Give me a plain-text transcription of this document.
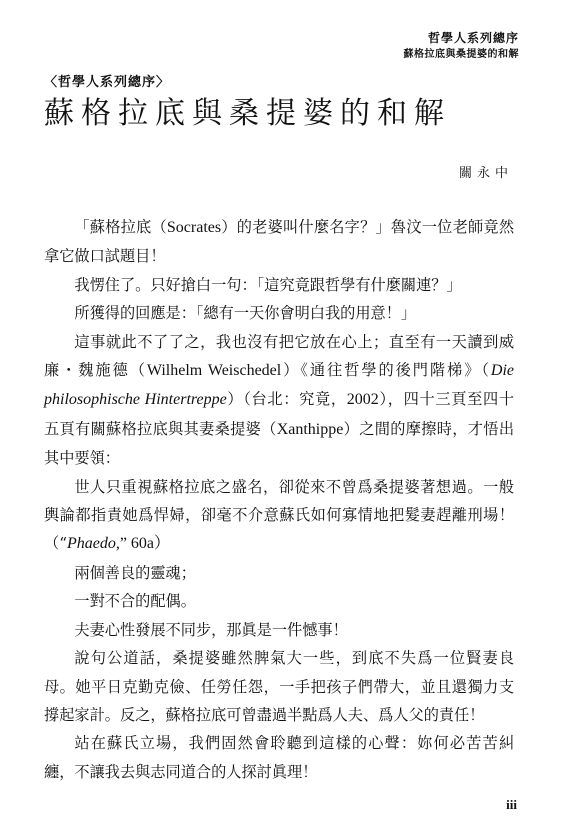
哲學人系列總序
蘇格拉底與桑提婆的和解
〈哲學人系列總序〉
蘇格拉底與桑提婆的和解
關永中

「蘇格拉底（Socrates）的老婆叫什麼名字？」魯汶一位老師竟然拿它做口試題目！

我愣住了。只好搶白一句：「這究竟跟哲學有什麼關連？」

所獲得的回應是：「總有一天你會明白我的用意！」

這事就此不了了之，我也沒有把它放在心上；直至有一天讀到威廉・魏施德（Wilhelm Weischedel）《通往哲學的後門階梯》（Die philosophische Hintertreppe）（台北：究竟，2002），四十三頁至四十五頁有關蘇格拉底與其妻桑提婆（Xanthippe）之間的摩擦時，才悟出其中要領：

世人只重視蘇格拉底之盛名，卻從來不曾爲桑提婆著想過。一般輿論都指責她爲悍婦，卻毫不介意蘇氏如何寡情地把髮妻趕離刑場！（“Phaedo,” 60a）

兩個善良的靈魂；

一對不合的配偶。

夫妻心性發展不同步，那眞是一件憾事！

說句公道話，桑提婆雖然脾氣大一些，到底不失爲一位賢妻良母。她平日克勤克儉、任勞任怨，一手把孩子們帶大，並且還獨力支撐起家計。反之，蘇格拉底可曾盡過半點爲人夫、爲人父的責任！

站在蘇氏立場，我們固然會聆聽到這樣的心聲：妳何必苦苦糾纏，不讓我去與志同道合的人探討眞理！

iii
